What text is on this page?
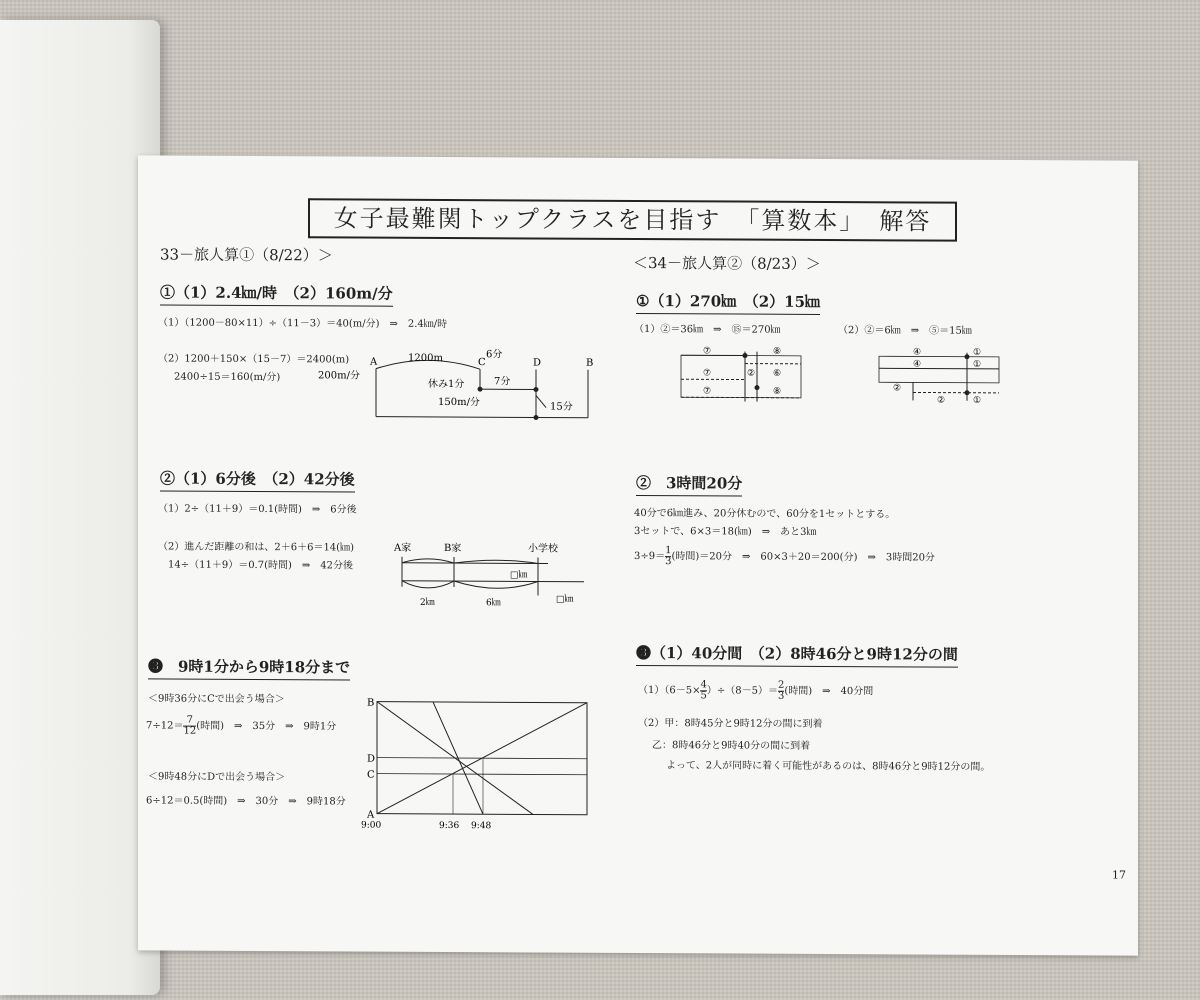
女子最難関トップクラスを目指す　「算数本」　解答
33－旅人算①（8/22）＞
①（1）2.4㎞/時　（2）160m/分
（1）（1200－80×11）÷（11－3）＝40(m/分)　⇒　2.4㎞/時
（2）1200＋150×（15－7）＝2400(m)
2400÷15＝160(m/分)
A	C	D	B
1200m	6分
7分
休み1分
200m/分
150m/分	15分
②（1）6分後　（2）42分後
（1）2÷（11＋9）＝0.1(時間)　⇒　6分後
（2）進んだ距離の和は、2＋6＋6＝14(㎞)
14÷（11＋9）＝0.7(時間)　⇒　42分後
A家	B家	小学校
2㎞	6㎞
□㎞
□㎞
❸　9時1分から9時18分まで
＜9時36分にCで出会う場合＞
$7\div 12= \frac{7}{12}$ (時間)　⇒　35分　⇒　9時1分
＜9時48分にDで出会う場合＞
6÷12＝0.5(時間)　⇒　30分　⇒　9時18分
B
D
C
A
9:00	9:36 9:48
＜34－旅人算②（8/23）＞
①（1）270㎞　（2）15㎞
（1）②＝36㎞　⇒　⑮＝270㎞	（2）②＝6㎞　⇒　⑤＝15㎞
⑦	⑧
⑦	② ⑥
⑦	⑧
④	①
④	①
②
②	①
②　3時間20分
40分で6㎞進み、20分休むので、60分を1セットとする。
3セットで、6×3＝18(㎞)　⇒　あと3㎞
$3\div 9= \frac{1}{3}$ (時間)＝20分　⇒　60×3＋20＝200(分)　⇒　3時間20分
❸（1）40分間　（2）8時46分と9時12分の間
$(1)(6-5\times \frac{4}{5} )\div(8-5)= \frac{2}{3}$ (時間)　⇒　40分間
（2）甲：8時45分と9時12分の間に到着
乙：8時46分と9時40分の間に到着
よって、2人が同時に着く可能性があるのは、8時46分と9時12分の間。
17
